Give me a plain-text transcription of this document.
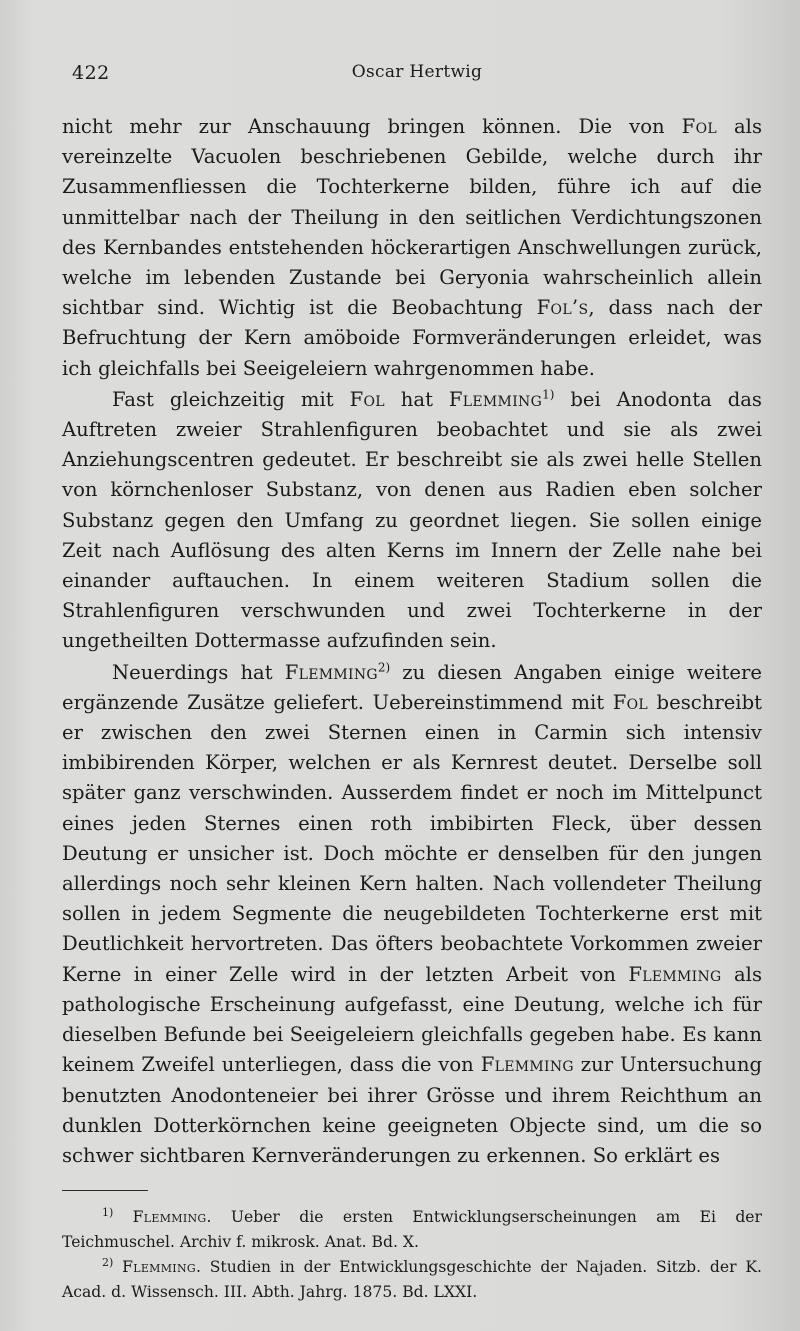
422	Oscar Hertwig

nicht mehr zur Anschauung bringen können. Die von Fol als vereinzelte Vacuolen beschriebenen Gebilde, welche durch ihr Zusammenfliessen die Tochterkerne bilden, führe ich auf die unmittelbar nach der Theilung in den seitlichen Verdichtungszonen des Kernbandes entstehenden höckerartigen Anschwellungen zurück, welche im lebenden Zustande bei Geryonia wahrscheinlich allein sichtbar sind. Wichtig ist die Beobachtung Fol’s, dass nach der Befruchtung der Kern amöboide Formveränderungen erleidet, was ich gleichfalls bei Seeigeleiern wahrgenommen habe.

Fast gleichzeitig mit Fol hat Flemming$^{1)}$ bei Anodonta das Auftreten zweier Strahlenfiguren beobachtet und sie als zwei Anziehungscentren gedeutet. Er beschreibt sie als zwei helle Stellen von körnchenloser Substanz, von denen aus Radien eben solcher Substanz gegen den Umfang zu geordnet liegen. Sie sollen einige Zeit nach Auflösung des alten Kerns im Innern der Zelle nahe bei einander auftauchen. In einem weiteren Stadium sollen die Strahlenfiguren verschwunden und zwei Tochterkerne in der ungetheilten Dottermasse aufzufinden sein.

Neuerdings hat Flemming$^{2)}$ zu diesen Angaben einige weitere ergänzende Zusätze geliefert. Uebereinstimmend mit Fol beschreibt er zwischen den zwei Sternen einen in Carmin sich intensiv imbibirenden Körper, welchen er als Kernrest deutet. Derselbe soll später ganz verschwinden. Ausserdem findet er noch im Mittelpunct eines jeden Sternes einen roth imbibirten Fleck, über dessen Deutung er unsicher ist. Doch möchte er denselben für den jungen allerdings noch sehr kleinen Kern halten. Nach vollendeter Theilung sollen in jedem Segmente die neugebildeten Tochterkerne erst mit Deutlichkeit hervortreten. Das öfters beobachtete Vorkommen zweier Kerne in einer Zelle wird in der letzten Arbeit von Flemming als pathologische Erscheinung aufgefasst, eine Deutung, welche ich für dieselben Befunde bei Seeigeleiern gleichfalls gegeben habe. Es kann keinem Zweifel unterliegen, dass die von Flemming zur Untersuchung benutzten Anodonteneier bei ihrer Grösse und ihrem Reichthum an dunklen Dotterkörnchen keine geeigneten Objecte sind, um die so schwer sichtbaren Kernveränderungen zu erkennen. So erklärt es

$^{1)}$ Flemming. Ueber die ersten Entwicklungserscheinungen am Ei der Teichmuschel. Archiv f. mikrosk. Anat. Bd. X.

$^{2)}$ Flemming. Studien in der Entwicklungsgeschichte der Najaden. Sitzb. der K. Acad. d. Wissensch. III. Abth. Jahrg. 1875. Bd. LXXI.
